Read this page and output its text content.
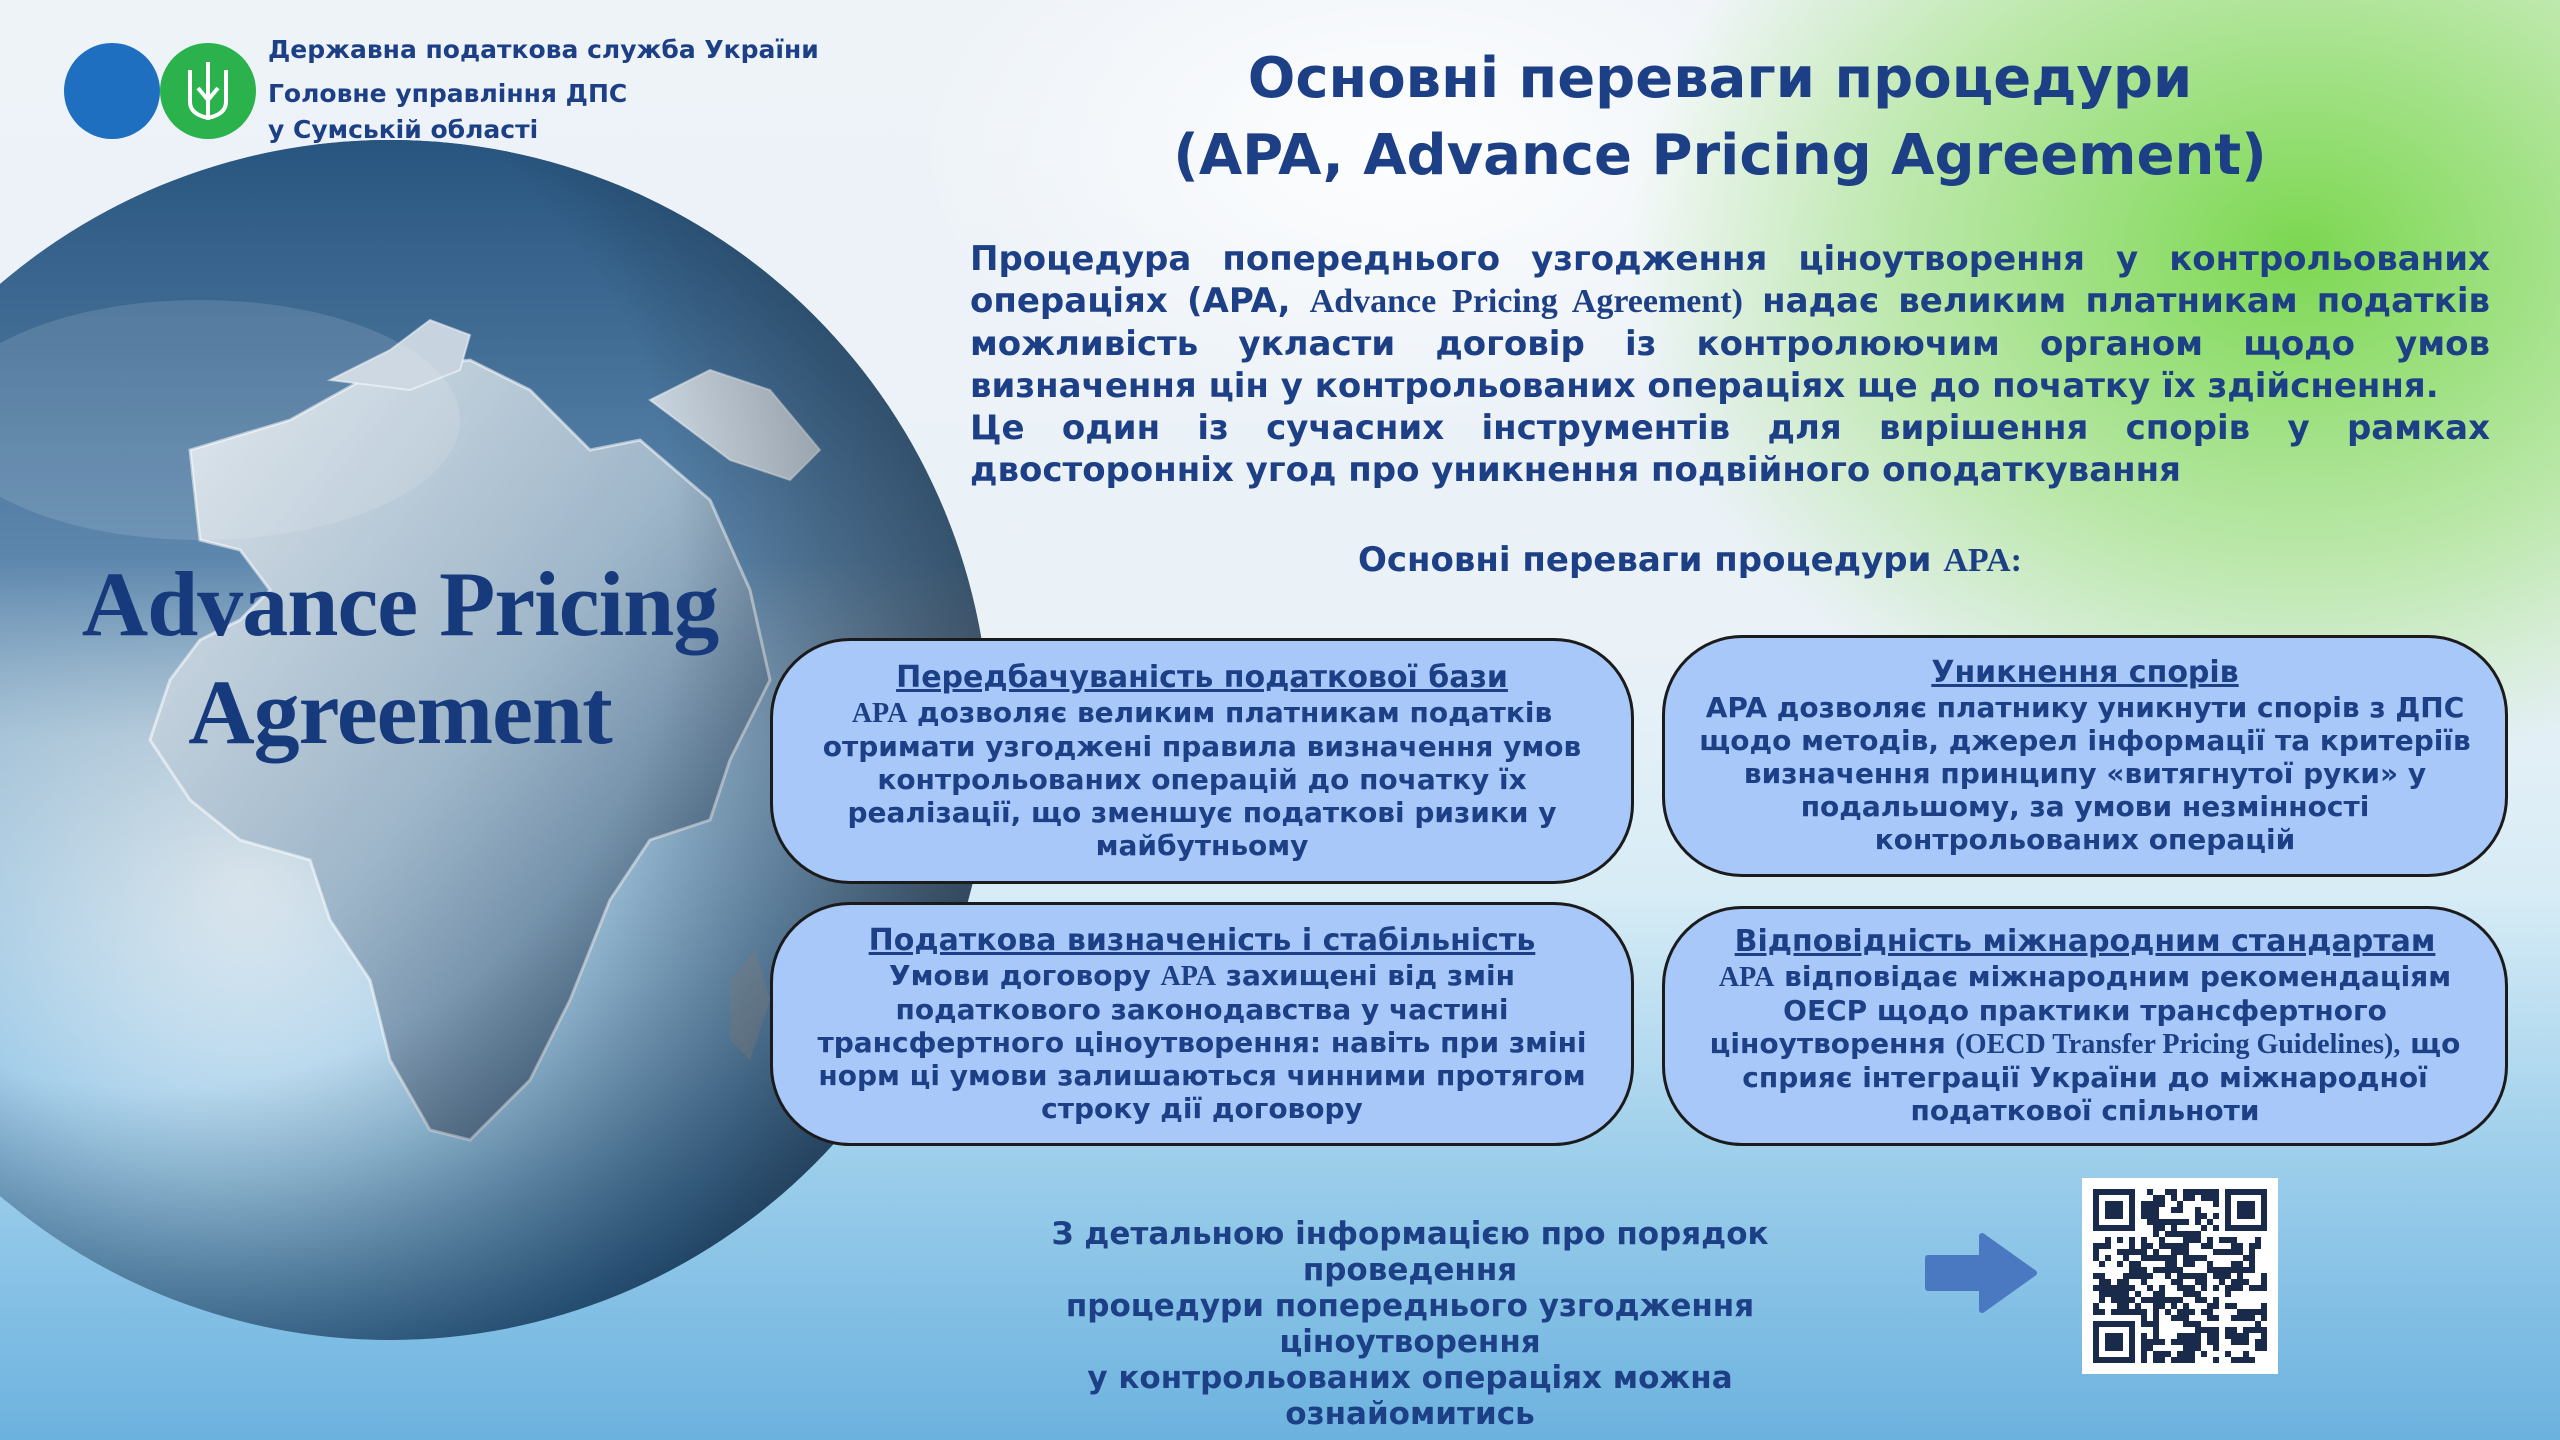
Державна податкова служба України
Головне управління ДПС
у Сумській області
Основні переваги процедури
(APA, Advance Pricing Agreement)

Процедура попереднього узгодження ціноутворення у контрольованих операціях (APA, Advance Pricing Agreement) надає великим платникам податків можливість укласти договір із контролюючим органом щодо умов визначення цін у контрольованих операціях ще до початку їх здійснення.

Це один із сучасних інструментів для вирішення спорів у рамках двосторонніх угод про уникнення подвійного оподаткування

Основні переваги процедури APA:
Advance Pricing
Agreement	Передбачуваність податкової бази
APA дозволяє великим платникам податків отримати узгоджені правила визначення умов контрольованих операцій до початку їх реалізації, що зменшує податкові ризики у майбутньому
Уникнення спорів
APA дозволяє платнику уникнути спорів з ДПС щодо методів, джерел інформації та критеріїв визначення принципу «витягнутої руки» у подальшому, за умови незмінності контрольованих операцій
Податкова визначеність і стабільність
Умови договору APA захищені від змін податкового законодавства у частині трансфертного ціноутворення: навіть при зміні норм ці умови залишаються чинними протягом строку дії договору
Відповідність міжнародним стандартам
APA відповідає міжнародним рекомендаціям ОЕСР щодо практики трансфертного ціноутворення (OECD Transfer Pricing Guidelines), що сприяє інтеграції України до міжнародної податкової спільноти
З детальною інформацією про порядок проведення
процедури попереднього узгодження ціноутворення
у контрольованих операціях можна ознайомитись
